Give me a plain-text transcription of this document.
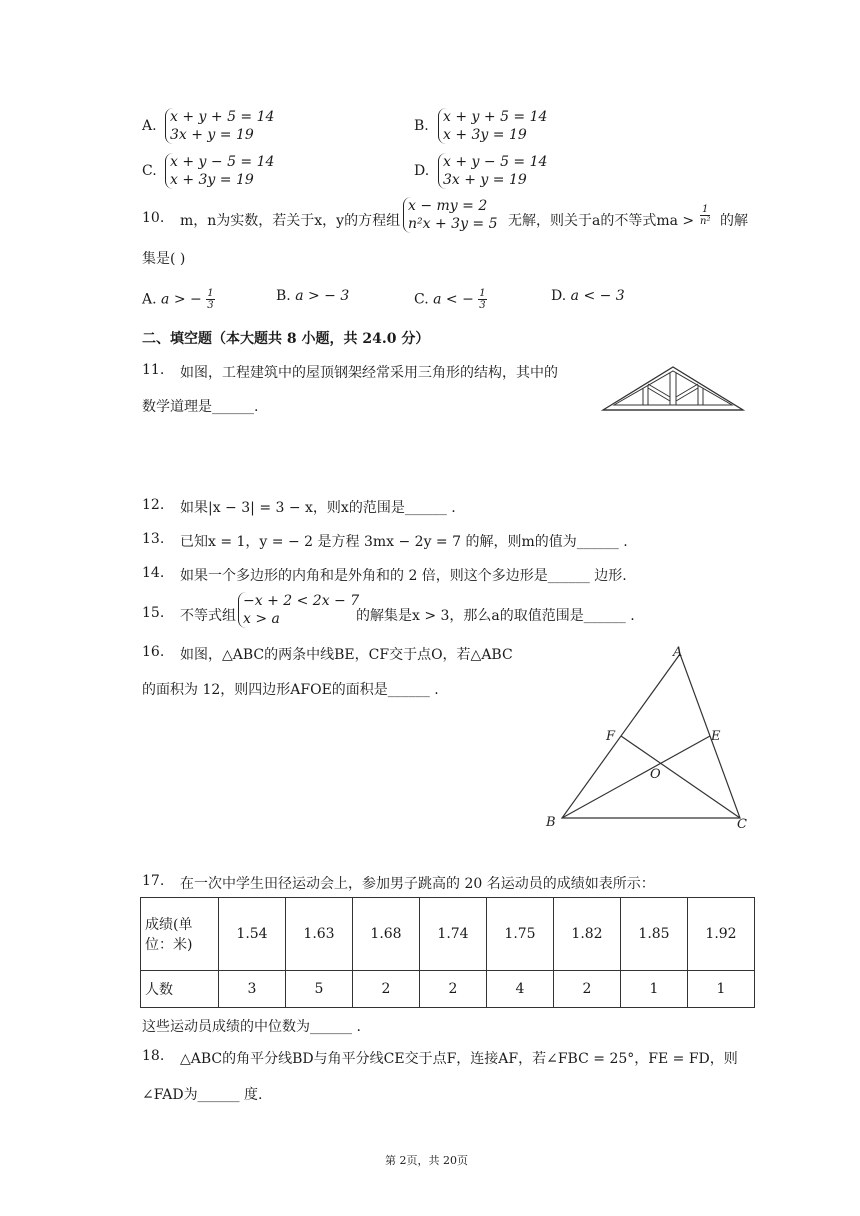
A.
x + y + 5 = 14
3x + y = 19
B.
x + y + 5 = 14
x + 3y = 19
C.
x + y − 5 = 14
x + 3y = 19
D.
x + y − 5 = 14
3x + y = 19
10. m，n为实数，若关于x，y的方程组
x − my = 2
n²x + 3y = 5 无解，则关于a的不等式ma > $\frac{1}{\text{n²}}$ 的解
集是( )
A. a > − $\frac{1}{3}$	B. a > − 3	C. a < − $\frac{1}{3}$	D. a < − 3
二、填空题（本大题共 8 小题，共 24.0 分）
11. 如图，工程建筑中的屋顶钢架经常采用三角形的结构，其中的
数学道理是______.
12. 如果|x − 3| = 3 − x，则x的范围是______ .
13. 已知x = 1，y = − 2 是方程 3mx − 2y = 7 的解，则m的值为______ .
14. 如果一个多边形的内角和是外角和的 2 倍，则这个多边形是______ 边形.
15. 不等式组
−x + 2 < 2x − 7
x > a	的解集是x > 3，那么a的取值范围是______ .
16. 如图，△ABC的两条中线BE，CF交于点O，若△ABC
的面积为 12，则四边形AFOE的面积是______ .
A
B	C
E
F
O
17. 在一次中学生田径运动会上，参加男子跳高的 20 名运动员的成绩如表所示：
成绩(单位：米)	1.54	1.63	1.68	1.74	1.75	1.82	1.85	1.92
人数	3	5	2	2	4	2	1	1
这些运动员成绩的中位数为______ .
18. △ABC的角平分线BD与角平分线CE交于点F，连接AF，若∠FBC = 25°，FE = FD，则
∠FAD为______ 度.
第 2页，共 20页
